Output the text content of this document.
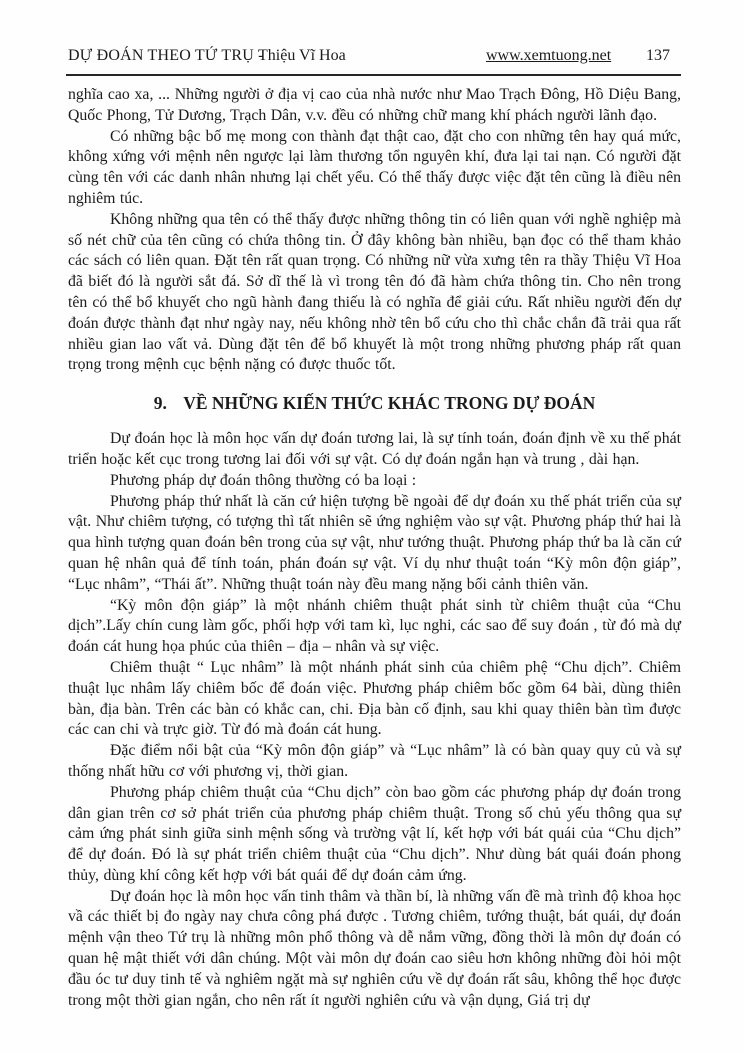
DỰ ĐOÁN THEO TỨ TRỤ -
Thiệu Vĩ Hoa	www.xemtuong.net 137

nghĩa cao xa, ... Những người ở địa vị cao của nhà nước như Mao Trạch Đông, Hồ Diệu Bang, Quốc Phong, Tử Dương, Trạch Dân, v.v. đều có những chữ mang khí phách người lãnh đạo.

Có những bậc bố mẹ mong con thành đạt thật cao, đặt cho con những tên hay quá mức, không xứng với mệnh nên ngược lại làm thương tổn nguyên khí, đưa lại tai nạn. Có người đặt cùng tên với các danh nhân nhưng lại chết yểu. Có thể thấy được việc đặt tên cũng là điều nên nghiêm túc.

Không những qua tên có thể thấy được những thông tin có liên quan với nghề nghiệp mà số nét chữ của tên cũng có chứa thông tin. Ở đây không bàn nhiều, bạn đọc có thể tham khảo các sách có liên quan. Đặt tên rất quan trọng. Có những nữ vừa xưng tên ra thầy Thiệu Vĩ Hoa đã biết đó là người sắt đá. Sở dĩ thế là vì trong tên đó đã hàm chứa thông tin. Cho nên trong tên có thể bổ khuyết cho ngũ hành đang thiếu là có nghĩa để giải cứu. Rất nhiều người đến dự đoán được thành đạt như ngày nay, nếu không nhờ tên bổ cứu cho thì chắc chắn đã trải qua rất nhiều gian lao vất vả. Dùng đặt tên để bổ khuyết là một trong những phương pháp rất quan trọng trong mệnh cục bệnh nặng có được thuốc tốt.

9. VỀ NHỮNG KIẾN THỨC KHÁC TRONG DỰ ĐOÁN

Dự đoán học là môn học vấn dự đoán tương lai, là sự tính toán, đoán định về xu thế phát triển hoặc kết cục trong tương lai đối với sự vật. Có dự đoán ngắn hạn và trung , dài hạn.

Phương pháp dự đoán thông thường có ba loại :

Phương pháp thứ nhất là căn cứ hiện tượng bề ngoài để dự đoán xu thế phát triển của sự vật. Như chiêm tượng, có tượng thì tất nhiên sẽ ứng nghiệm vào sự vật. Phương pháp thứ hai là qua hình tượng quan đoán bên trong của sự vật, như tướng thuật. Phương pháp thứ ba là căn cứ quan hệ nhân quả để tính toán, phán đoán sự vật. Ví dụ như thuật toán “Kỳ môn độn giáp”, “Lục nhâm”, “Thái ất”. Những thuật toán này đều mang nặng bối cảnh thiên văn.

“Kỳ môn độn giáp” là một nhánh chiêm thuật phát sinh từ chiêm thuật của “Chu dịch”.Lấy chín cung làm gốc, phối hợp với tam kì, lục nghi, các sao để suy đoán , từ đó mà dự đoán cát hung họa phúc của thiên – địa – nhân và sự việc.

Chiêm thuật “ Lục nhâm” là một nhánh phát sinh của chiêm phệ “Chu dịch”. Chiêm thuật lục nhâm lấy chiêm bốc để đoán việc. Phương pháp chiêm bốc gồm 64 bài, dùng thiên bàn, địa bàn. Trên các bàn có khắc can, chi. Địa bàn cố định, sau khi quay thiên bàn tìm được các can chi và trực giờ. Từ đó mà đoán cát hung.

Đặc điểm nổi bật của “Kỳ môn độn giáp” và “Lục nhâm” là có bàn quay quy củ và sự thống nhất hữu cơ với phương vị, thời gian.

Phương pháp chiêm thuật của “Chu dịch” còn bao gồm các phương pháp dự đoán trong dân gian trên cơ sở phát triển của phương pháp chiêm thuật. Trong số chủ yếu thông qua sự cảm ứng phát sinh giữa sinh mệnh sống và trường vật lí, kết hợp với bát quái của “Chu dịch” để dự đoán. Đó là sự phát triển chiêm thuật của “Chu dịch”. Như dùng bát quái đoán phong thủy, dùng khí công kết hợp với bát quái để dự đoán cảm ứng.

Dự đoán học là môn học vấn tinh thâm và thần bí, là những vấn đề mà trình độ khoa học vầ các thiết bị đo ngày nay chưa công phá được . Tương chiêm, tướng thuật, bát quái, dự đoán mệnh vận theo Tứ trụ là những môn phổ thông và dễ nắm vững, đồng thời là môn dự đoán có quan hệ mật thiết với dân chúng. Một vài môn dự đoán cao siêu hơn không những đòi hỏi một đầu óc tư duy tinh tế và nghiêm ngặt mà sự nghiên cứu về dự đoán rất sâu, không thể học được trong một thời gian ngắn, cho nên rất ít người nghiên cứu và vận dụng, Giá trị dự
